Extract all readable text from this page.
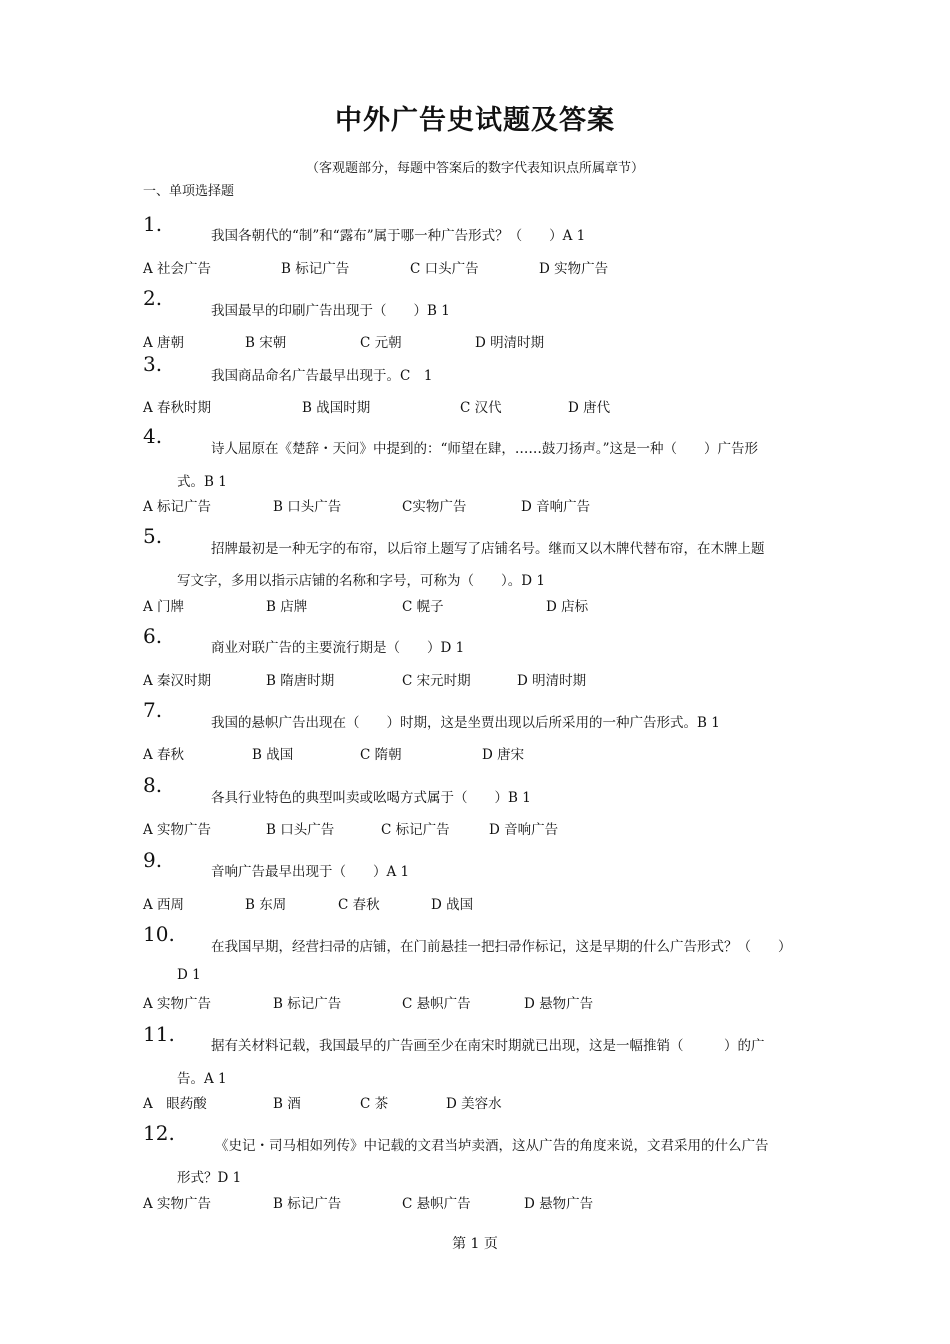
中外广告史试题及答案
（客观题部分，每题中答案后的数字代表知识点所属章节）
一、单项选择题
1.	我国各朝代的“制”和“露布”属于哪一种广告形式？（　　）A 1
A 社会广告	B 标记广告	C 口头广告	D 实物广告
2.
我国最早的印刷广告出现于（　　）B 1
A 唐朝	B 宋朝	C 元朝	D 明清时期
3.	我国商品命名广告最早出现于。C　1
A 春秋时期	B 战国时期	C 汉代	D 唐代
4.
诗人屈原在《楚辞・天问》中提到的：“师望在肆，……鼓刀扬声。”这是一种（　　）广告形
式。B 1
A 标记广告	B 口头广告	C实物广告	D 音响广告
5.
招牌最初是一种无字的布帘，以后帘上题写了店铺名号。继而又以木牌代替布帘，在木牌上题
写文字，多用以指示店铺的名称和字号，可称为（　　）。D 1
A 门牌	B 店牌	C 幌子	D 店标
6.	商业对联广告的主要流行期是（　　）D 1
A 秦汉时期	B 隋唐时期	C 宋元时期	D 明清时期
7.
我国的悬帜广告出现在（　　）时期，这是坐贾出现以后所采用的一种广告形式。B 1
A 春秋	B 战国	C 隋朝	D 唐宋
8.
各具行业特色的典型叫卖或吆喝方式属于（　　）B 1
A 实物广告	B 口头广告	C 标记广告	D 音响广告
9.	音响广告最早出现于（　　）A 1
A 西周	B 东周	C 春秋	D 战国
10.
在我国早期，经营扫帚的店铺，在门前悬挂一把扫帚作标记，这是早期的什么广告形式？（　　）
D 1
A 实物广告	B 标记广告	C 悬帜广告	D 悬物广告
11.	据有关材料记载，我国最早的广告画至少在南宋时期就已出现，这是一幅推销（　　　）的广
告。A 1
A　眼药酸	B 酒	C 茶	D 美容水
12.
《史记・司马相如列传》中记载的文君当垆卖酒，这从广告的角度来说，文君采用的什么广告
形式？D 1
A 实物广告	B 标记广告	C 悬帜广告	D 悬物广告
第 1 页
